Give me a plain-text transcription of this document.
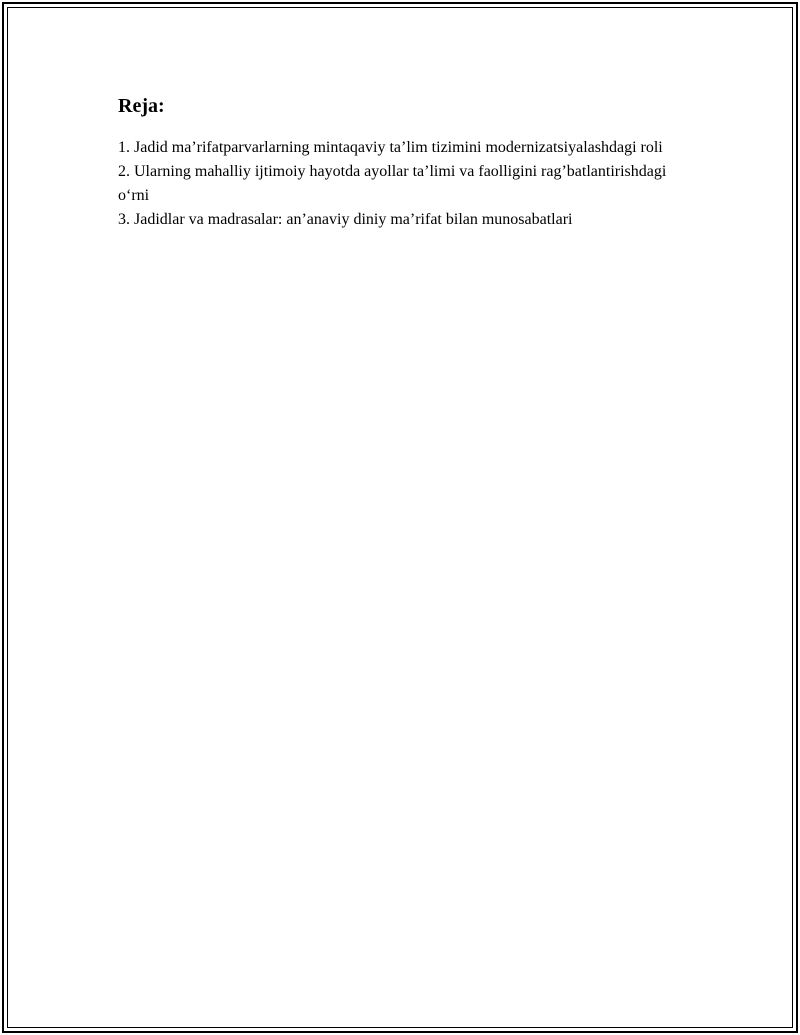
Reja:

1. Jadid ma’rifatparvarlarning mintaqaviy ta’lim tizimini modernizatsiyalashdagi roli

2. Ularning mahalliy ijtimoiy hayotda ayollar ta’limi va faolligini rag’batlantirishdagi o‘rni

3. Jadidlar va madrasalar: an’anaviy diniy ma’rifat bilan munosabatlari
